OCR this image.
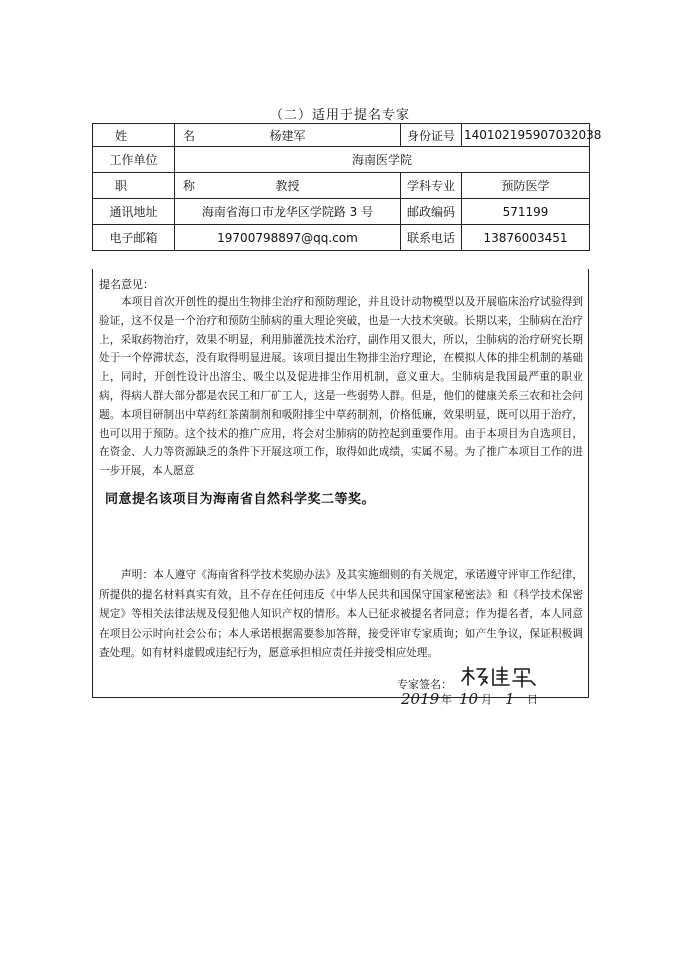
（二）适用于提名专家
姓　名	杨建军	身份证号	140102195907032038
工作单位	海南医学院		
职　称	教授	学科专业	预防医学
通讯地址	海南省海口市龙华区学院路 3 号	邮政编码	571199
电子邮箱	19700798897@qq.com	联系电话	13876003451
提名意见：
本项目首次开创性的提出生物排尘治疗和预防理论，并且设计动物模型以及开展临床治疗试验得到验证，这不仅是一个治疗和预防尘肺病的重大理论突破，也是一大技术突破。长期以来，尘肺病在治疗上，采取药物治疗，效果不明显，利用肺灌洗技术治疗，副作用又很大，所以，尘肺病的治疗研究长期处于一个停滞状态，没有取得明显进展。该项目提出生物排尘治疗理论，在模拟人体的排尘机制的基础上，同时，开创性设计出溶尘、吸尘以及促进排尘作用机制，意义重大。尘肺病是我国最严重的职业病，得病人群大部分都是农民工和厂矿工人，这是一些弱势人群。但是，他们的健康关系三农和社会问题。本项目研制出中草药红茶菌制剂和吸附排尘中草药制剂，价格低廉，效果明显，既可以用于治疗，也可以用于预防。这个技术的推广应用，将会对尘肺病的防控起到重要作用。由于本项目为自选项目，在资金、人力等资源缺乏的条件下开展这项工作，取得如此成绩，实属不易。为了推广本项目工作的进一步开展，本人愿意
同意提名该项目为海南省自然科学奖二等奖。
声明：本人遵守《海南省科学技术奖励办法》及其实施细则的有关规定，承诺遵守评审工作纪律，所提供的提名材料真实有效，且不存在任何违反《中华人民共和国保守国家秘密法》和《科学技术保密规定》等相关法律法规及侵犯他人知识产权的情形。本人已征求被提名者同意；作为提名者，本人同意在项目公示时向社会公布；本人承诺根据需要参加答辩，接受评审专家质询；如产生争议，保证积极调查处理。如有材料虚假或违纪行为，愿意承担相应责任并接受相应处理。
专家签名：
2019 年 10 月 1 日
